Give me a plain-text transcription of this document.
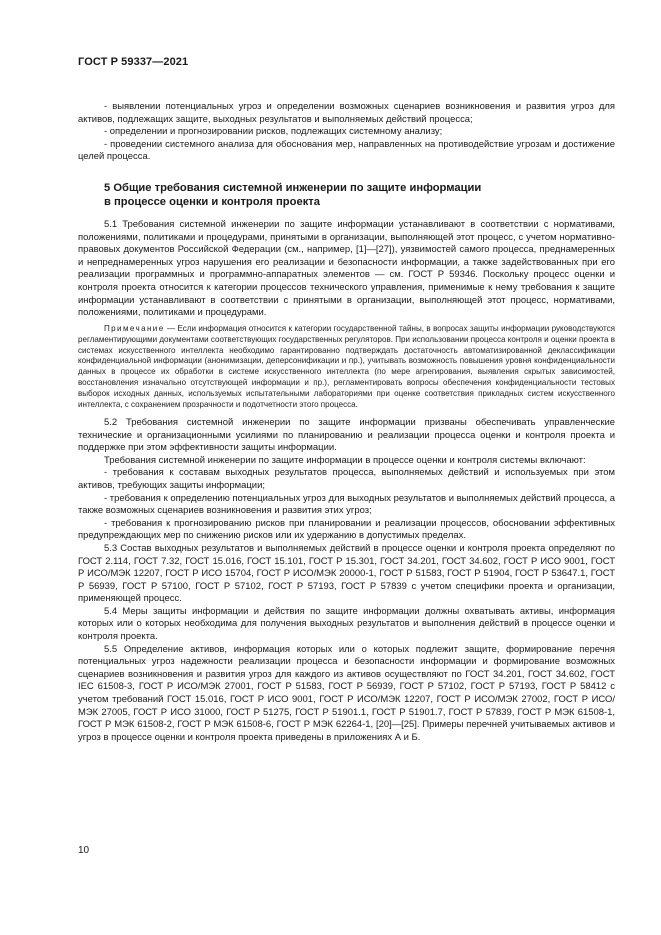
ГОСТ Р 59337—2021

- выявлении потенциальных угроз и определении возможных сценариев возникновения и развития угроз для активов, подлежащих защите, выходных результатов и выполняемых действий процесса;

- определении и прогнозировании рисков, подлежащих системному анализу;

- проведении системного анализа для обоснования мер, направленных на противодействие угрозам и достижение целей процесса.

5 Общие требования системной инженерии по защите информации
в процессе оценки и контроля проекта

5.1 Требования системной инженерии по защите информации устанавливают в соответствии с нормативами, положениями, политиками и процедурами, принятыми в организации, выполняющей этот процесс, с учетом нормативно-правовых документов Российской Федерации (см., например, [1]—[27]), уязвимостей самого процесса, преднамеренных и непреднамеренных угроз нарушения его реализации и безопасности информации, а также задействованных при его реализации программных и программно-аппаратных элементов — см. ГОСТ Р 59346. Поскольку процесс оценки и контроля проекта относится к категории процессов технического управления, применимые к нему требования к защите информации устанавливают в соответствии с принятыми в организации, выполняющей этот процесс, нормативами, положениями, политиками и процедурами.

Примечание — Если информация относится к категории государственной тайны, в вопросах защиты информации руководствуются регламентирующими документами соответствующих государственных регуляторов. При использовании процесса контроля и оценки проекта в системах искусственного интеллекта необходимо гарантированно подтверждать достаточность автоматизированной деклассификации конфиденциальной информации (анонимизации, деперсонификации и пр.), учитывать возможность повышения уровня конфиденциальности данных в процессе их обработки в системе искусственного интеллекта (по мере агрегирования, выявления скрытых зависимостей, восстановления изначально отсутствующей информации и пр.), регламентировать вопросы обеспечения конфиденциальности тестовых выборок исходных данных, используемых испытательными лабораториями при оценке соответствия прикладных систем искусственного интеллекта, с сохранением прозрачности и подотчетности этого процесса.

5.2 Требования системной инженерии по защите информации призваны обеспечивать управленческие технические и организационными усилиями по планированию и реализации процесса оценки и контроля проекта и поддержке при этом эффективности защиты информации.

Требования системной инженерии по защите информации в процессе оценки и контроля системы включают:

- требования к составам выходных результатов процесса, выполняемых действий и используемых при этом активов, требующих защиты информации;

- требования к определению потенциальных угроз для выходных результатов и выполняемых действий процесса, а также возможных сценариев возникновения и развития этих угроз;

- требования к прогнозированию рисков при планировании и реализации процессов, обосновании эффективных предупреждающих мер по снижению рисков или их удержанию в допустимых пределах.

5.3 Состав выходных результатов и выполняемых действий в процессе оценки и контроля проекта определяют по ГОСТ 2.114, ГОСТ 7.32, ГОСТ 15.016, ГОСТ 15.101, ГОСТ Р 15.301, ГОСТ 34.201, ГОСТ 34.602, ГОСТ Р ИСО 9001, ГОСТ Р ИСО/МЭК 12207, ГОСТ Р ИСО 15704, ГОСТ Р ИСО/МЭК 20000-1, ГОСТ Р 51583, ГОСТ Р 51904, ГОСТ Р 53647.1, ГОСТ Р 56939, ГОСТ Р 57100, ГОСТ Р 57102, ГОСТ Р 57193, ГОСТ Р 57839 с учетом специфики проекта и организации, применяющей процесс.

5.4 Меры защиты информации и действия по защите информации должны охватывать активы, информация которых или о которых необходима для получения выходных результатов и выполнения действий в процессе оценки и контроля проекта.

5.5 Определение активов, информация которых или о которых подлежит защите, формирование перечня потенциальных угроз надежности реализации процесса и безопасности информации и формирование возможных сценариев возникновения и развития угроз для каждого из активов осуществляют по ГОСТ 34.201, ГОСТ 34.602, ГОСТ IEC 61508-3, ГОСТ Р ИСО/МЭК 27001, ГОСТ Р 51583, ГОСТ Р 56939, ГОСТ Р 57102, ГОСТ Р 57193, ГОСТ Р 58412 с учетом требований ГОСТ 15.016, ГОСТ Р ИСО 9001, ГОСТ Р ИСО/МЭК 12207, ГОСТ Р ИСО/МЭК 27002, ГОСТ Р ИСО/МЭК 27005, ГОСТ Р ИСО 31000, ГОСТ Р 51275, ГОСТ Р 51901.1, ГОСТ Р 51901.7, ГОСТ Р 57839, ГОСТ Р МЭК 61508-1, ГОСТ Р МЭК 61508-2, ГОСТ Р МЭК 61508-6, ГОСТ Р МЭК 62264-1, [20]—[25]. Примеры перечней учитываемых активов и угроз в процессе оценки и контроля проекта приведены в приложениях А и Б.

10
